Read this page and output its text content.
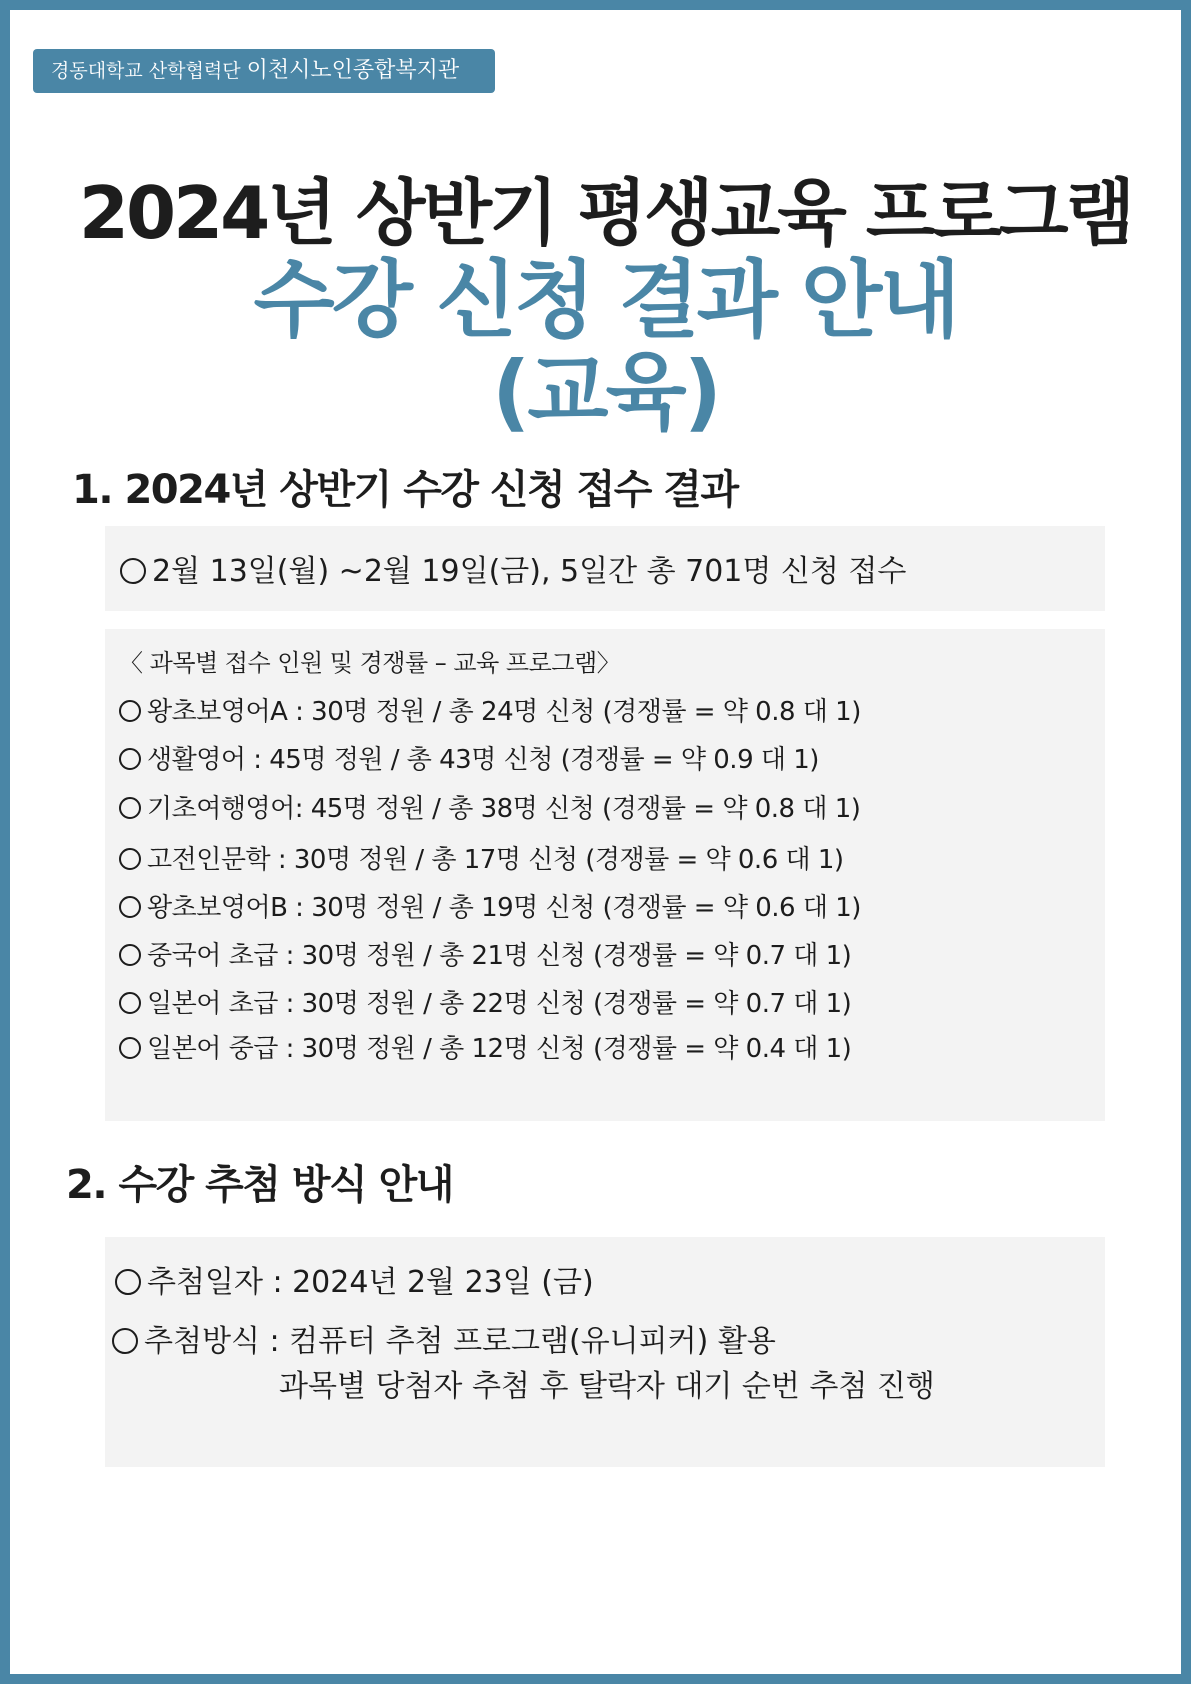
경동대학교 산학협력단 이천시노인종합복지관
2024년 상반기 평생교육 프로그램
수강 신청 결과 안내
(교육)
1. 2024년 상반기 수강 신청 접수 결과
2월 13일(월) ~2월 19일(금), 5일간 총 701명 신청 접수
〈 과목별 접수 인원 및 경쟁률 – 교육 프로그램〉
왕초보영어A : 30명 정원 / 총 24명 신청 (경쟁률 = 약 0.8 대 1)
생활영어 : 45명 정원 / 총 43명 신청 (경쟁률 = 약 0.9 대 1)
기초여행영어: 45명 정원 / 총 38명 신청 (경쟁률 = 약 0.8 대 1)
고전인문학 : 30명 정원 / 총 17명 신청 (경쟁률 = 약 0.6 대 1)
왕초보영어B : 30명 정원 / 총 19명 신청 (경쟁률 = 약 0.6 대 1)
중국어 초급 : 30명 정원 / 총 21명 신청 (경쟁률 = 약 0.7 대 1)
일본어 초급 : 30명 정원 / 총 22명 신청 (경쟁률 = 약 0.7 대 1)
일본어 중급 : 30명 정원 / 총 12명 신청 (경쟁률 = 약 0.4 대 1)
2. 수강 추첨 방식 안내
추첨일자 : 2024년 2월 23일 (금)
추첨방식 : 컴퓨터 추첨 프로그램(유니피커) 활용
과목별 당첨자 추첨 후 탈락자 대기 순번 추첨 진행
